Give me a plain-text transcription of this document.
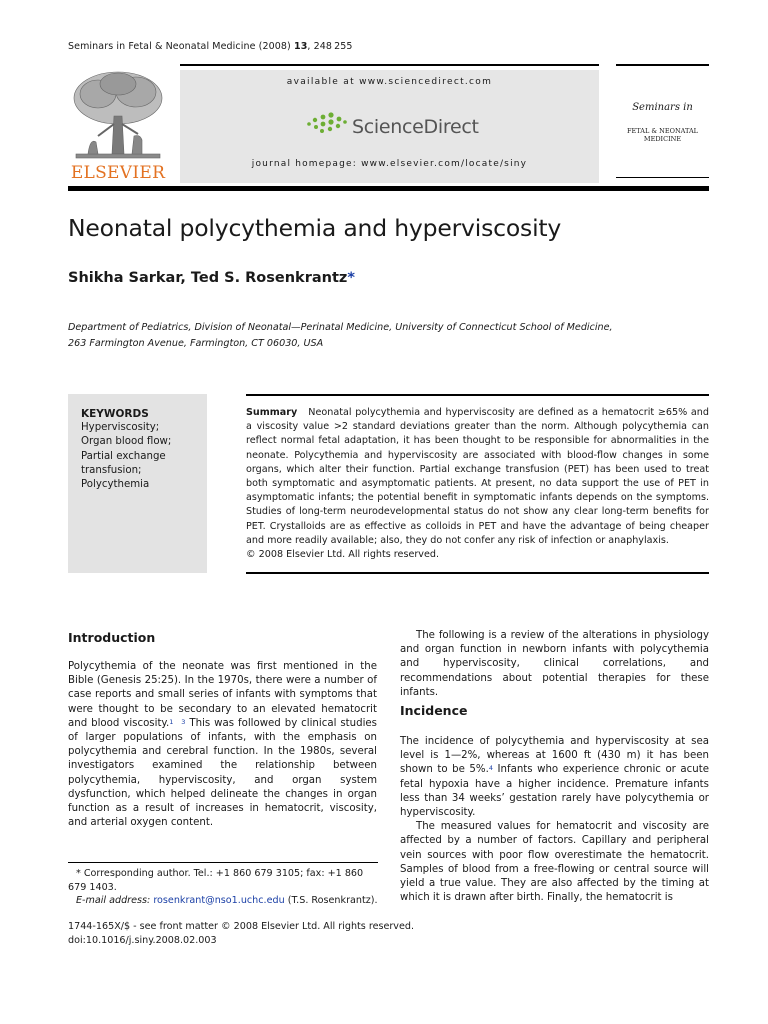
Seminars in Fetal & Neonatal Medicine (2008) 13, 248 255
ELSEVIER
available at www.sciencedirect.com
ScienceDirect
journal homepage: www.elsevier.com/locate/siny
Seminars in
FETAL & NEONATAL MEDICINE
Neonatal polycythemia and hyperviscosity
Shikha Sarkar, Ted S. Rosenkrantz*
Department of Pediatrics, Division of Neonatal—Perinatal Medicine, University of Connecticut School of Medicine,
263 Farmington Avenue, Farmington, CT 06030, USA
KEYWORDS
Hyperviscosity;
Organ blood flow;
Partial exchange transfusion;
Polycythemia
Summary Neonatal polycythemia and hyperviscosity are defined as a hematocrit ≥65% and a viscosity value >2 standard deviations greater than the norm. Although polycythemia can reflect normal fetal adaptation, it has been thought to be responsible for abnormalities in the neonate. Polycythemia and hyperviscosity are associated with blood-flow changes in some organs, which alter their function. Partial exchange transfusion (PET) has been used to treat both symptomatic and asymptomatic patients. At present, no data support the use of PET in asymptomatic infants; the potential benefit in symptomatic infants depends on the symptoms. Studies of long-term neurodevelopmental status do not show any clear long-term benefits for PET. Crystalloids are as effective as colloids in PET and have the advantage of being cheaper and more readily available; also, they do not confer any risk of infection or anaphylaxis.
© 2008 Elsevier Ltd. All rights reserved.
Introduction

Polycythemia of the neonate was first mentioned in the Bible (Genesis 25:25). In the 1970s, there were a number of case reports and small series of infants with symptoms that were thought to be secondary to an elevated hematocrit and blood viscosity.$^1$ $^3$ This was followed by clinical studies of larger populations of infants, with the emphasis on polycythemia and cerebral function. In the 1980s, several investigators examined the relationship between polycythemia, hyperviscosity, and organ system dysfunction, which helped delineate the changes in organ function as a result of increases in hematocrit, viscosity, and arterial oxygen content.

The following is a review of the alterations in physiology and organ function in newborn infants with polycythemia and hyperviscosity, clinical correlations, and recommendations about potential therapies for these infants.

Incidence

The incidence of polycythemia and hyperviscosity at sea level is 1—2%, whereas at 1600 ft (430 m) it has been shown to be 5%.$^4$ Infants who experience chronic or acute fetal hypoxia have a higher incidence. Premature infants less than 34 weeks’ gestation rarely have polycythemia or hyperviscosity.

The measured values for hematocrit and viscosity are affected by a number of factors. Capillary and peripheral vein sources with poor flow overestimate the hematocrit. Samples of blood from a free-flowing or central source will yield a true value. They are also affected by the timing at which it is drawn after birth. Finally, the hematocrit is

* Corresponding author. Tel.: +1 860 679 3105; fax: +1 860 679 1403.
E-mail address: rosenkrant@nso1.uchc.edu (T.S. Rosenkrantz).
1744-165X/$ - see front matter © 2008 Elsevier Ltd. All rights reserved.
doi:10.1016/j.siny.2008.02.003
